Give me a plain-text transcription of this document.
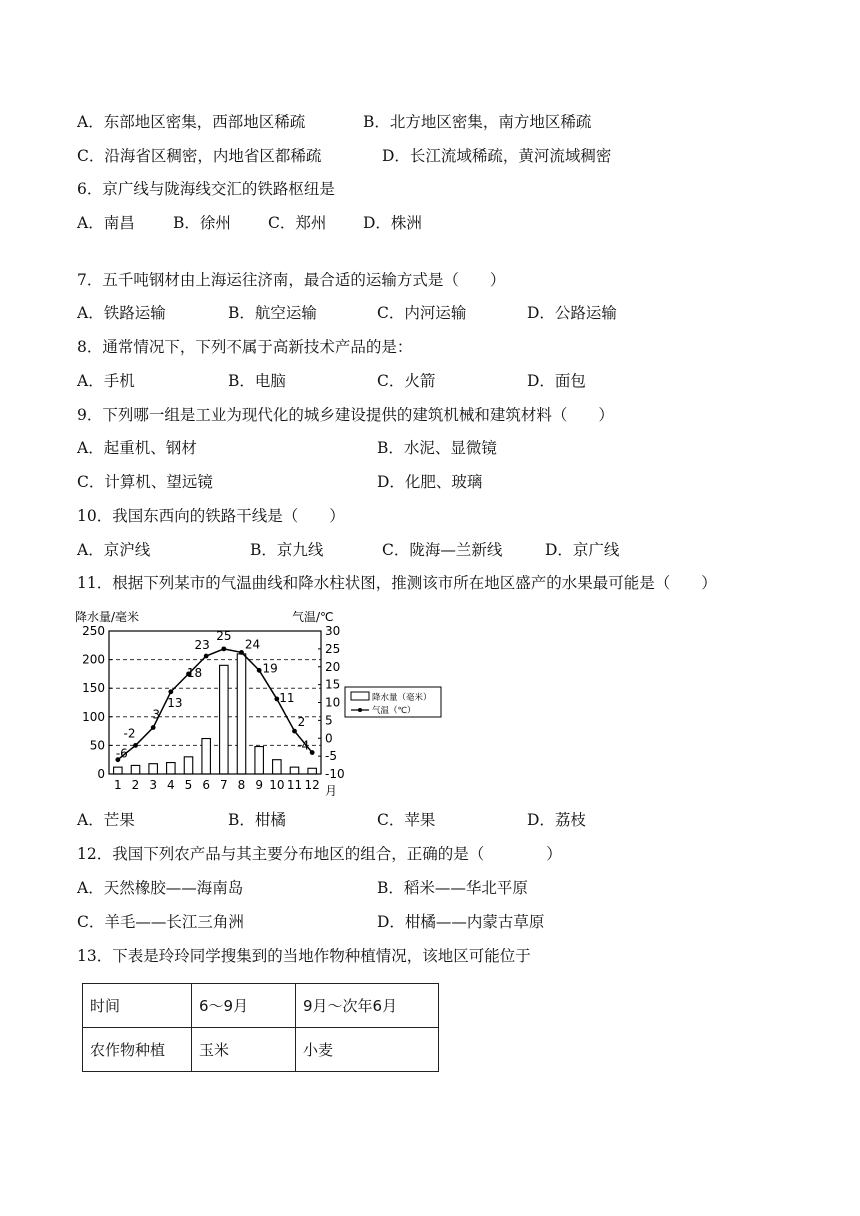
A．东部地区密集，西部地区稀疏	B．北方地区密集，南方地区稀疏
C．沿海省区稠密，内地省区都稀疏	D．长江流域稀疏，黄河流域稠密
6．京广线与陇海线交汇的铁路枢纽是
A．南昌 B．徐州 C．郑州 D．株洲
7．五千吨钢材由上海运往济南，最合适的运输方式是（　　）
A．铁路运输	B．航空运输	C．内河运输	D．公路运输
8．通常情况下，下列不属于高新技术产品的是：
A．手机	B．电脑	C．火箭	D．面包
9．下列哪一组是工业为现代化的城乡建设提供的建筑机械和建筑材料（　　）
A．起重机、钢材	B．水泥、显微镜
C．计算机、望远镜	D．化肥、玻璃
10．我国东西向的铁路干线是（　　）
A．京沪线	B．京九线	C．陇海—兰新线	D．京广线
11．根据下列某市的气温曲线和降水柱状图，推测该市所在地区盛产的水果最可能是（　　）
-6
-2
3
13
18
23
25
24
19
11
2
-4
0
50
100
150
200
250
-10
-5
0
5
10
15
20
25
30
1 2 3 4 5 6 7 8 9 10 11 12
降水量/毫米	气温/℃
月
降水量（毫米）
气温（℃）
A．芒果	B．柑橘	C．苹果	D．荔枝
12．我国下列农产品与其主要分布地区的组合，正确的是（　　　　）
A．天然橡胶——海南岛	B．稻米——华北平原
C．羊毛——长江三角洲	D．柑橘——内蒙古草原
13．下表是玲玲同学搜集到的当地作物种植情况，该地区可能位于
时间	6～9月	9月～次年6月
农作物种植	玉米	小麦
